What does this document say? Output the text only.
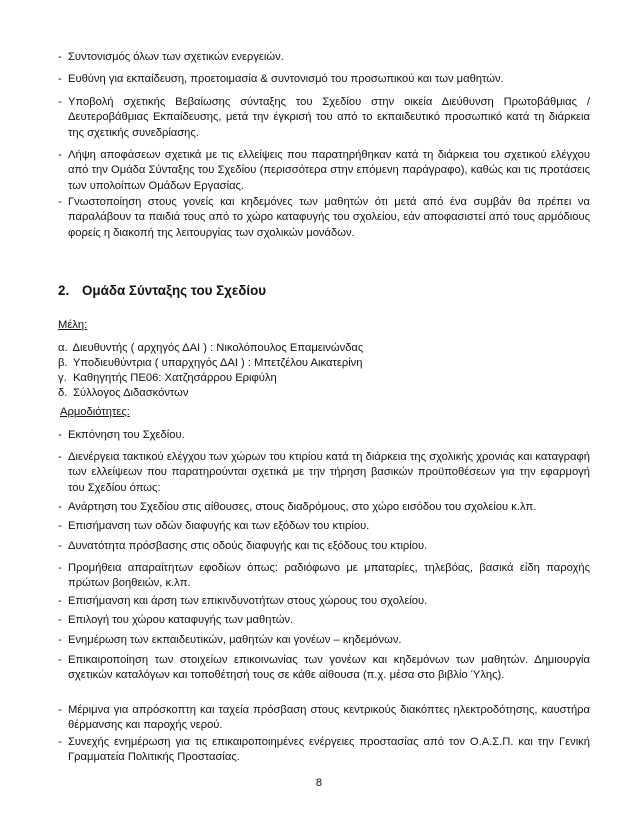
- Συντονισμός όλων των σχετικών ενεργειών.
- Ευθύνη για εκπαίδευση, προετοιμασία & συντονισμό του προσωπικού και των μαθητών.
- Υποβολή σχετικής Βεβαίωσης σύνταξης του Σχεδίου στην οικεία Διεύθυνση Πρωτοβάθμιας / Δευτεροβάθμιας Εκπαίδευσης, μετά την έγκρισή του από το εκπαιδευτικό προσωπικό κατά τη διάρκεια της σχετικής συνεδρίασης.
- Λήψη αποφάσεων σχετικά με τις ελλείψεις που παρατηρήθηκαν κατά τη διάρκεια του σχετικού ελέγχου από την Ομάδα Σύνταξης του Σχεδίου (περισσότερα στην επόμενη παράγραφο), καθώς και τις προτάσεις των υπολοίπων Ομάδων Εργασίας.
- Γνωστοποίηση στους γονείς και κηδεμόνες των μαθητών ότι μετά από ένα συμβάν θα πρέπει να παραλάβουν τα παιδιά τους από το χώρο καταφυγής του σχολείου, εάν αποφασιστεί από τους αρμόδιους φορείς η διακοπή της λειτουργίας των σχολικών μονάδων.
2. Ομάδα Σύνταξης του Σχεδίου
Μέλη:
α. Διευθυντής ( αρχηγός ΔΑΙ ) : Νικολόπουλος Επαμεινώνδας
β. Υποδιευθύντρια ( υπαρχηγός ΔΑΙ ) : Μπετζέλου Αικατερίνη
γ. Καθηγητής ΠΕ06: Χατζησάρρου Εριφύλη
δ. Σύλλογος Διδασκόντων
Αρμοδιότητες:
- Εκπόνηση του Σχεδίου.
- Διενέργεια τακτικού ελέγχου των χώρων του κτιρίου κατά τη διάρκεια της σχολικής χρονιάς και καταγραφή των ελλείψεων που παρατηρούνται σχετικά με την τήρηση βασικών προϋποθέσεων για την εφαρμογή του Σχεδίου όπως:
- Ανάρτηση του Σχεδίου στις αίθουσες, στους διαδρόμους, στο χώρο εισόδου του σχολείου κ.λπ.
- Επισήμανση των οδών διαφυγής και των εξόδων του κτιρίου.
- Δυνατότητα πρόσβασης στις οδούς διαφυγής και τις εξόδους του κτιρίου.
- Προμήθεια απαραίτητων εφοδίων όπως: ραδιόφωνο με μπαταρίες, τηλεβόας, βασικά είδη παροχής πρώτων βοηθειών, κ.λπ.
- Επισήμανση και άρση των επικινδυνοτήτων στους χώρους του σχολείου.
- Επιλογή του χώρου καταφυγής των μαθητών.
- Ενημέρωση των εκπαιδευτικών, μαθητών και γονέων – κηδεμόνων.
- Επικαιροποίηση των στοιχείων επικοινωνίας των γονέων και κηδεμόνων των μαθητών. Δημιουργία σχετικών καταλόγων και τοποθέτησή τους σε κάθε αίθουσα (π.χ. μέσα στο βιβλίο Ύλης).
- Μέριμνα για απρόσκοπτη και ταχεία πρόσβαση στους κεντρικούς διακόπτες ηλεκτροδότησης, καυστήρα θέρμανσης και παροχής νερού.
- Συνεχής ενημέρωση για τις επικαιροποιημένες ενέργειες προστασίας από τον Ο.Α.Σ.Π. και την Γενική Γραμματεία Πολιτικής Προστασίας.
8
